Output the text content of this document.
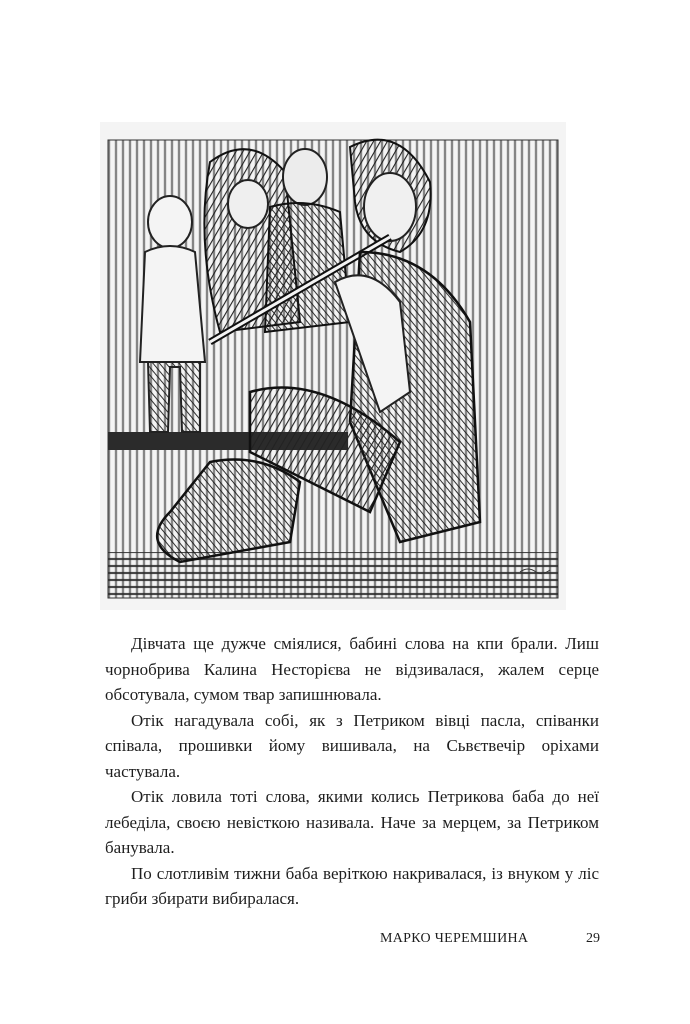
Дівчата ще дужче сміялися, бабині слова на кпи брали. Лиш чорнобрива Калина Несторієва не відзивалася, жалем серце обсотувала, сумом твар запишнювала.

Отік нагадувала собі, як з Петриком вівці пасла, співанки співала, прошивки йому вишивала, на Сьвєтвечір оріхами частувала.

Отік ловила тоті слова, якими колись Петрикова баба до неї лебеділа, своєю невісткою називала. Наче за мерцем, за Петриком банувала.

По слотливім тижни баба веріткою накривалася, із внуком у ліс гриби збирати вибиралася.

МАРКО ЧЕРЕМШИНА	29
